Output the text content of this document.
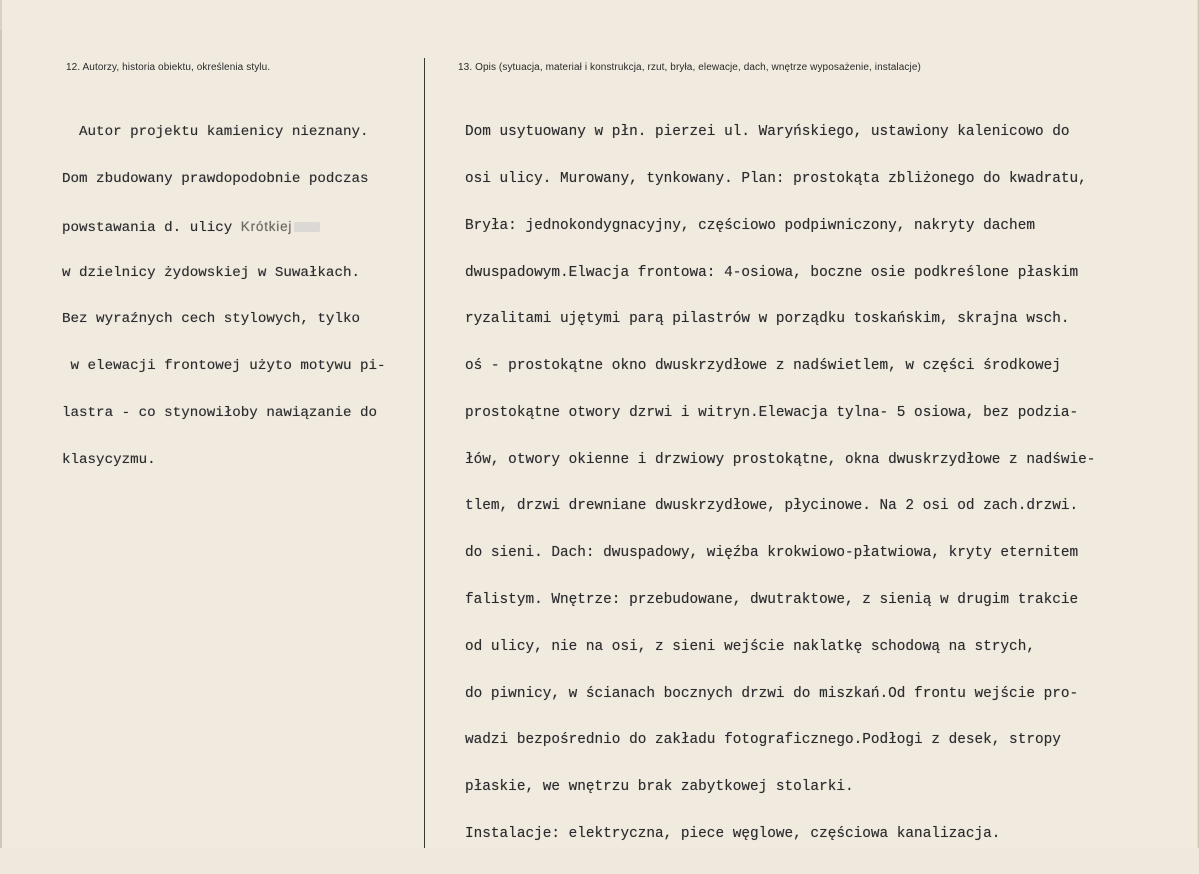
12. Autorzy, historia obiektu, określenia stylu.	13. Opis (sytuacja, materiał i konstrukcja, rzut, bryła, elewacje, dach, wnętrze wyposażenie, instalacje)

Autor projektu kamienicy nieznany.

Dom zbudowany prawdopodobnie podczas

powstawania d. ulicy Krótkiej

w dzielnicy żydowskiej w Suwałkach.

Bez wyraźnych cech stylowych, tylko

w elewacji frontowej użyto motywu pi-

lastra - co stynowiłoby nawiązanie do

klasycyzmu.

Dom usytuowany w płn. pierzei ul. Waryńskiego, ustawiony kalenicowo do

osi ulicy. Murowany, tynkowany. Plan: prostokąta zbliżonego do kwadratu,

Bryła: jednokondygnacyjny, częściowo podpiwniczony, nakryty dachem

dwuspadowym.Elwacja frontowa: 4-osiowa, boczne osie podkreślone płaskim

ryzalitami ujętymi parą pilastrów w porządku toskańskim, skrajna wsch.

oś - prostokątne okno dwuskrzydłowe z nadświetlem, w części środkowej

prostokątne otwory dzrwi i witryn.Elewacja tylna- 5 osiowa, bez podzia-

łów, otwory okienne i drzwiowy prostokątne, okna dwuskrzydłowe z nadświe-

tlem, drzwi drewniane dwuskrzydłowe, płycinowe. Na 2 osi od zach.drzwi.

do sieni. Dach: dwuspadowy, więźba krokwiowo-płatwiowa, kryty eternitem

falistym. Wnętrze: przebudowane, dwutraktowe, z sienią w drugim trakcie

od ulicy, nie na osi, z sieni wejście naklatkę schodową na strych,

do piwnicy, w ścianach bocznych drzwi do miszkań.Od frontu wejście pro-

wadzi bezpośrednio do zakładu fotograficznego.Podłogi z desek, stropy

płaskie, we wnętrzu brak zabytkowej stolarki.

Instalacje: elektryczna, piece węglowe, częściowa kanalizacja.
